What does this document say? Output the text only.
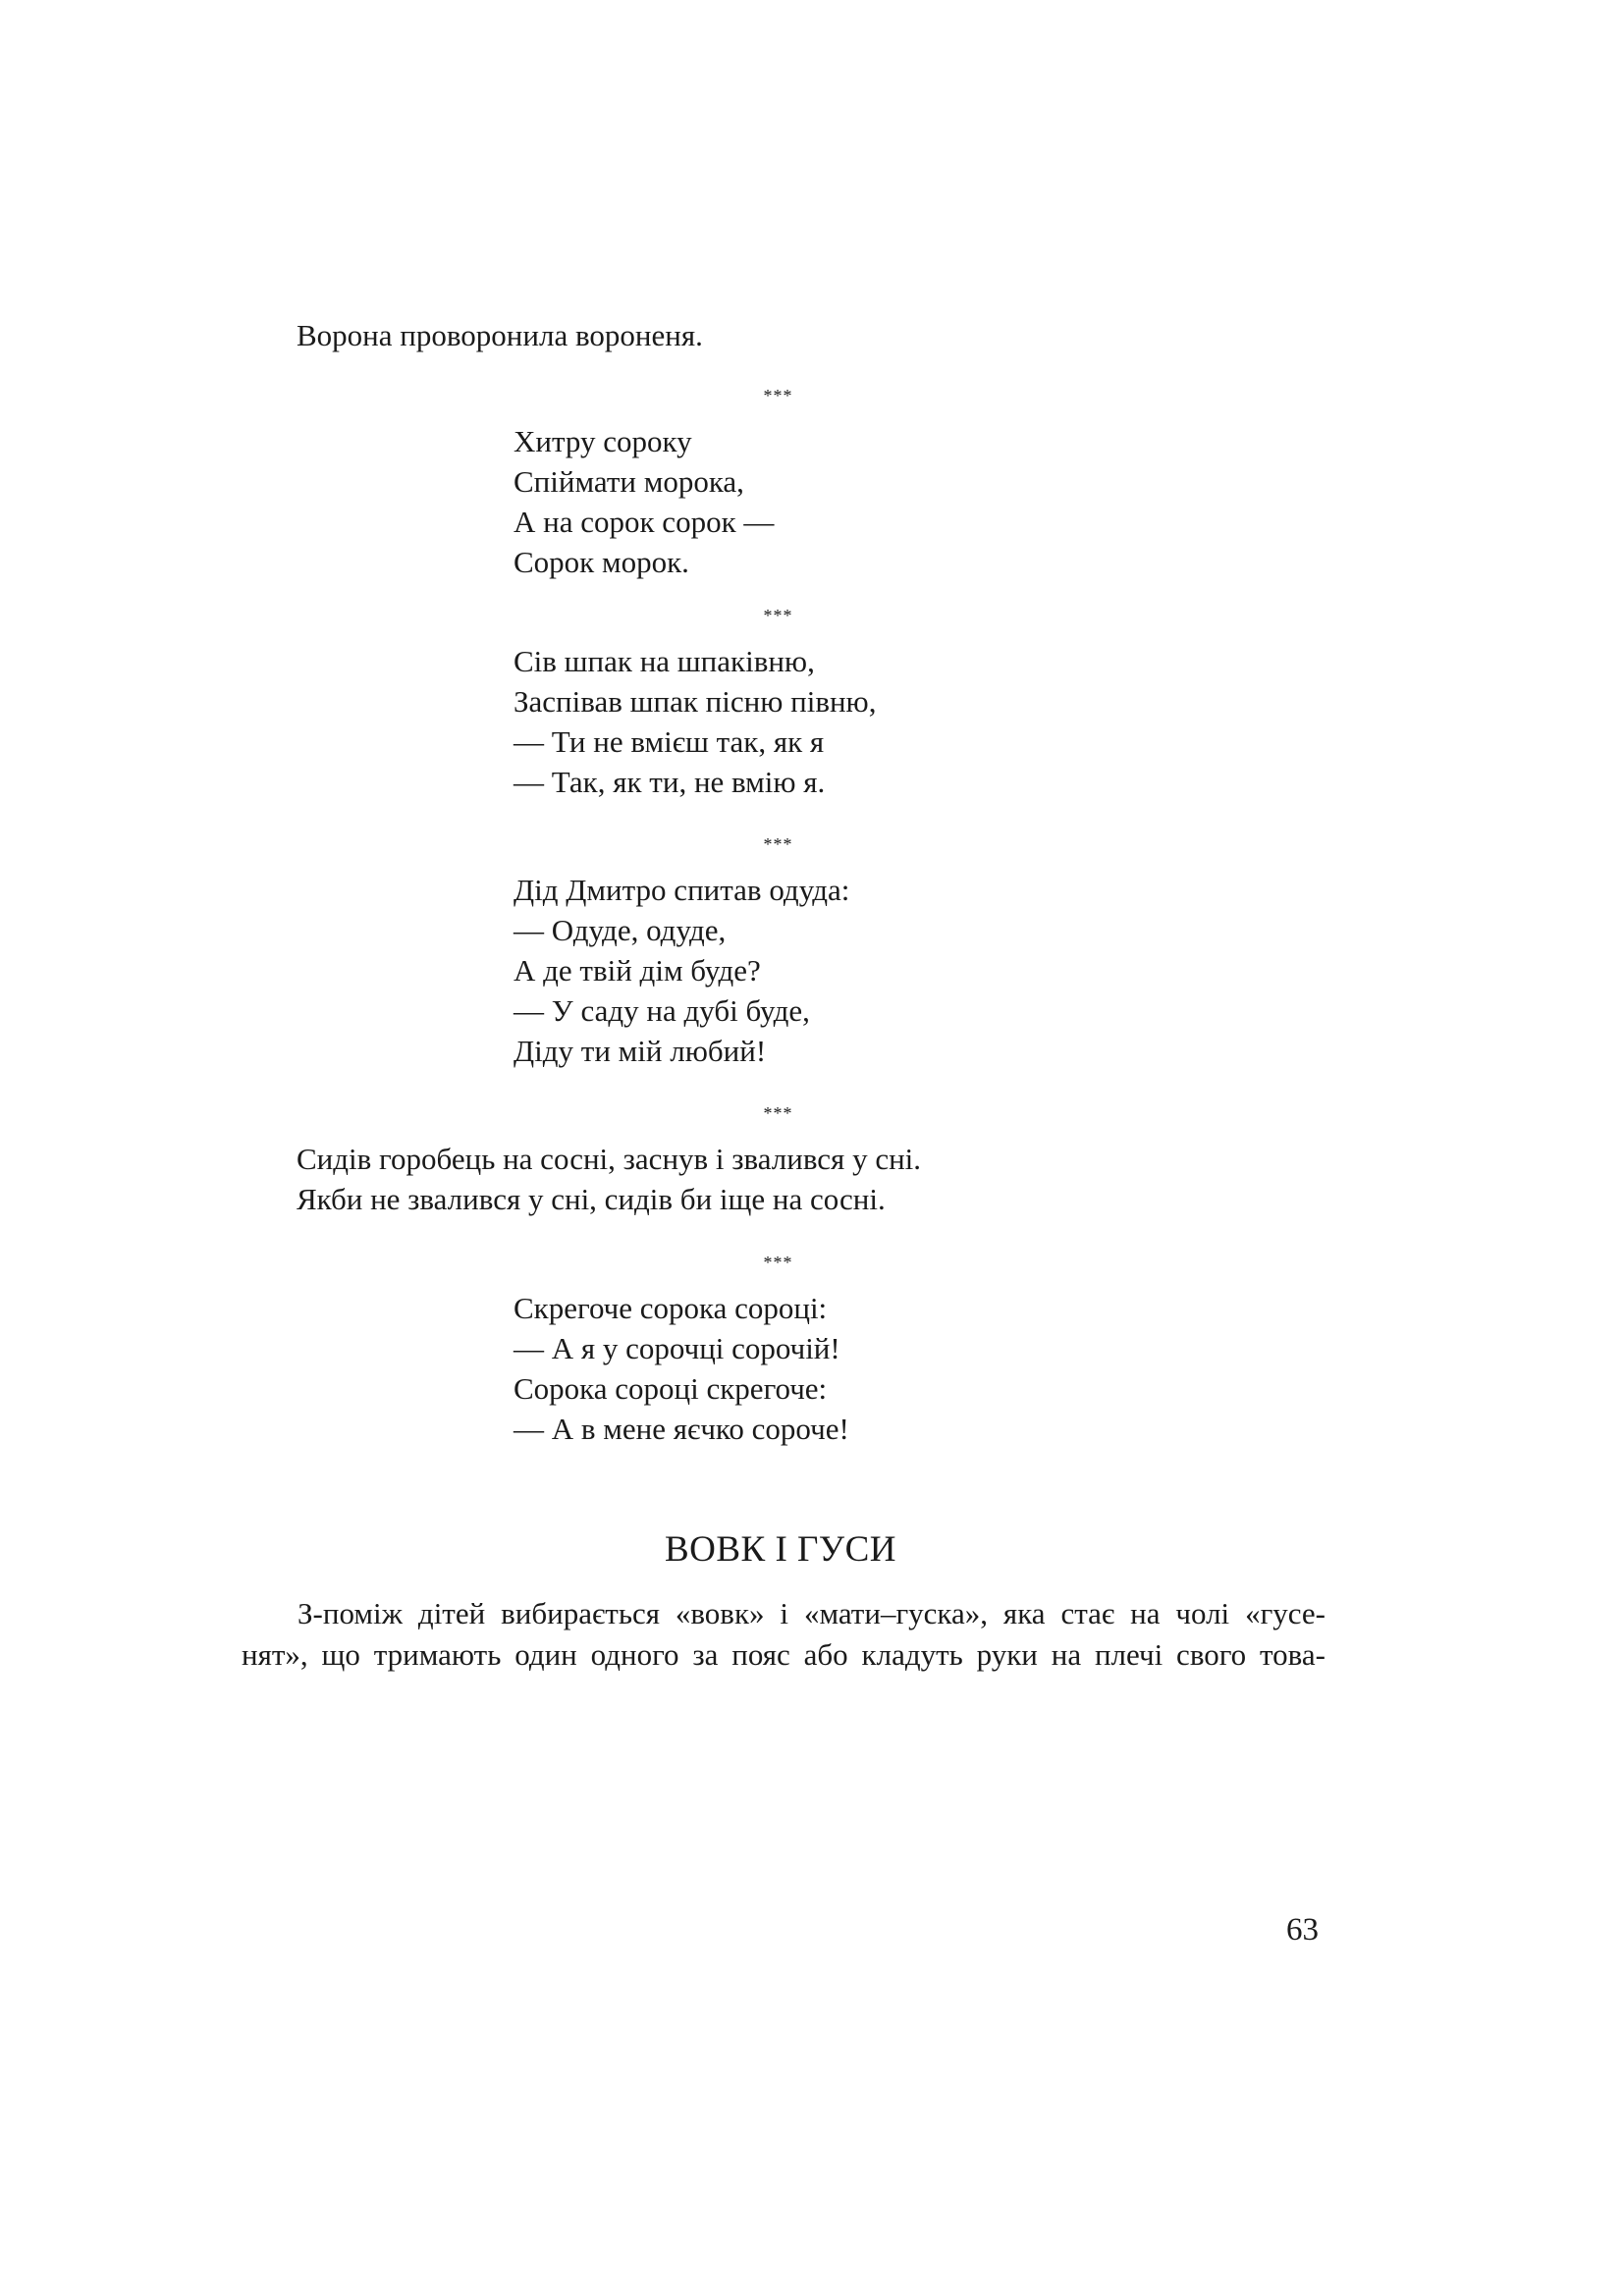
Ворона проворонила вороненя.
***
Хитру сороку
Спіймати морока,
А на сорок сорок —
Сорок морок.
***
Сів шпак на шпаківню,
Заспівав шпак пісню півню,
— Ти не вмієш так, як я
— Так, як ти, не вмію я.
***
Дід Дмитро спитав одуда:
— Одуде, одуде,
А де твій дім буде?
— У саду на дубі буде,
Діду ти мій любий!
***
Сидів горобець на сосні, заснув і звалився у сні.
Якби не звалився у сні, сидів би іще на сосні.
***
Скрегоче сорока сороці:
— А я у сорочці сорочій!
Сорока сороці скрегоче:
— А в мене яєчко сороче!
ВОВК І ГУСИ
З-поміж дітей вибирається «вовк» і «мати–гуска», яка стає на чолі «гусе-
нят», що тримають один одного за пояс або кладуть руки на плечі свого това-
63
